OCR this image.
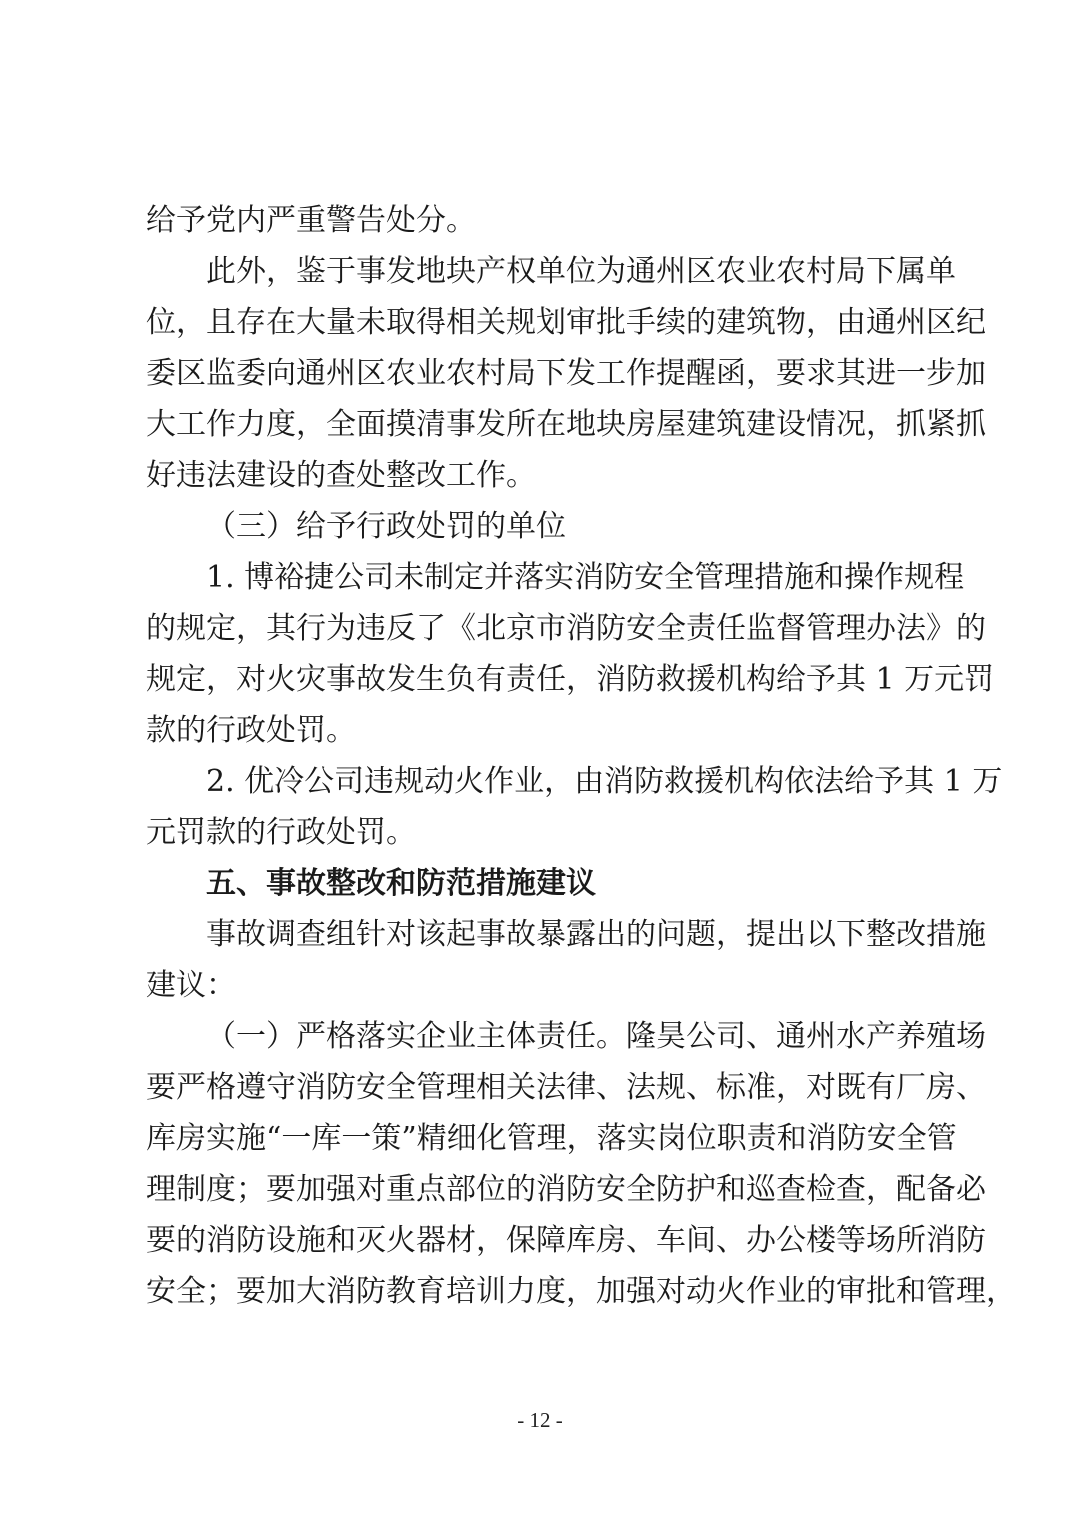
给予党内严重警告处分。
此外，鉴于事发地块产权单位为通州区农业农村局下属单
位，且存在大量未取得相关规划审批手续的建筑物，由通州区纪
委区监委向通州区农业农村局下发工作提醒函，要求其进一步加
大工作力度，全面摸清事发所在地块房屋建筑建设情况，抓紧抓
好违法建设的查处整改工作。
（三）给予行政处罚的单位
1. 博裕捷公司未制定并落实消防安全管理措施和操作规程
的规定，其行为违反了《北京市消防安全责任监督管理办法》的
规定，对火灾事故发生负有责任，消防救援机构给予其 1 万元罚
款的行政处罚。
2. 优冷公司违规动火作业，由消防救援机构依法给予其 1 万
元罚款的行政处罚。
五、事故整改和防范措施建议
事故调查组针对该起事故暴露出的问题，提出以下整改措施
建议：
（一）严格落实企业主体责任。隆昊公司、通州水产养殖场
要严格遵守消防安全管理相关法律、法规、标准，对既有厂房、
库房实施“一库一策”精细化管理，落实岗位职责和消防安全管
理制度；要加强对重点部位的消防安全防护和巡查检查，配备必
要的消防设施和灭火器材，保障库房、车间、办公楼等场所消防
安全；要加大消防教育培训力度，加强对动火作业的审批和管理，
- 12 -
